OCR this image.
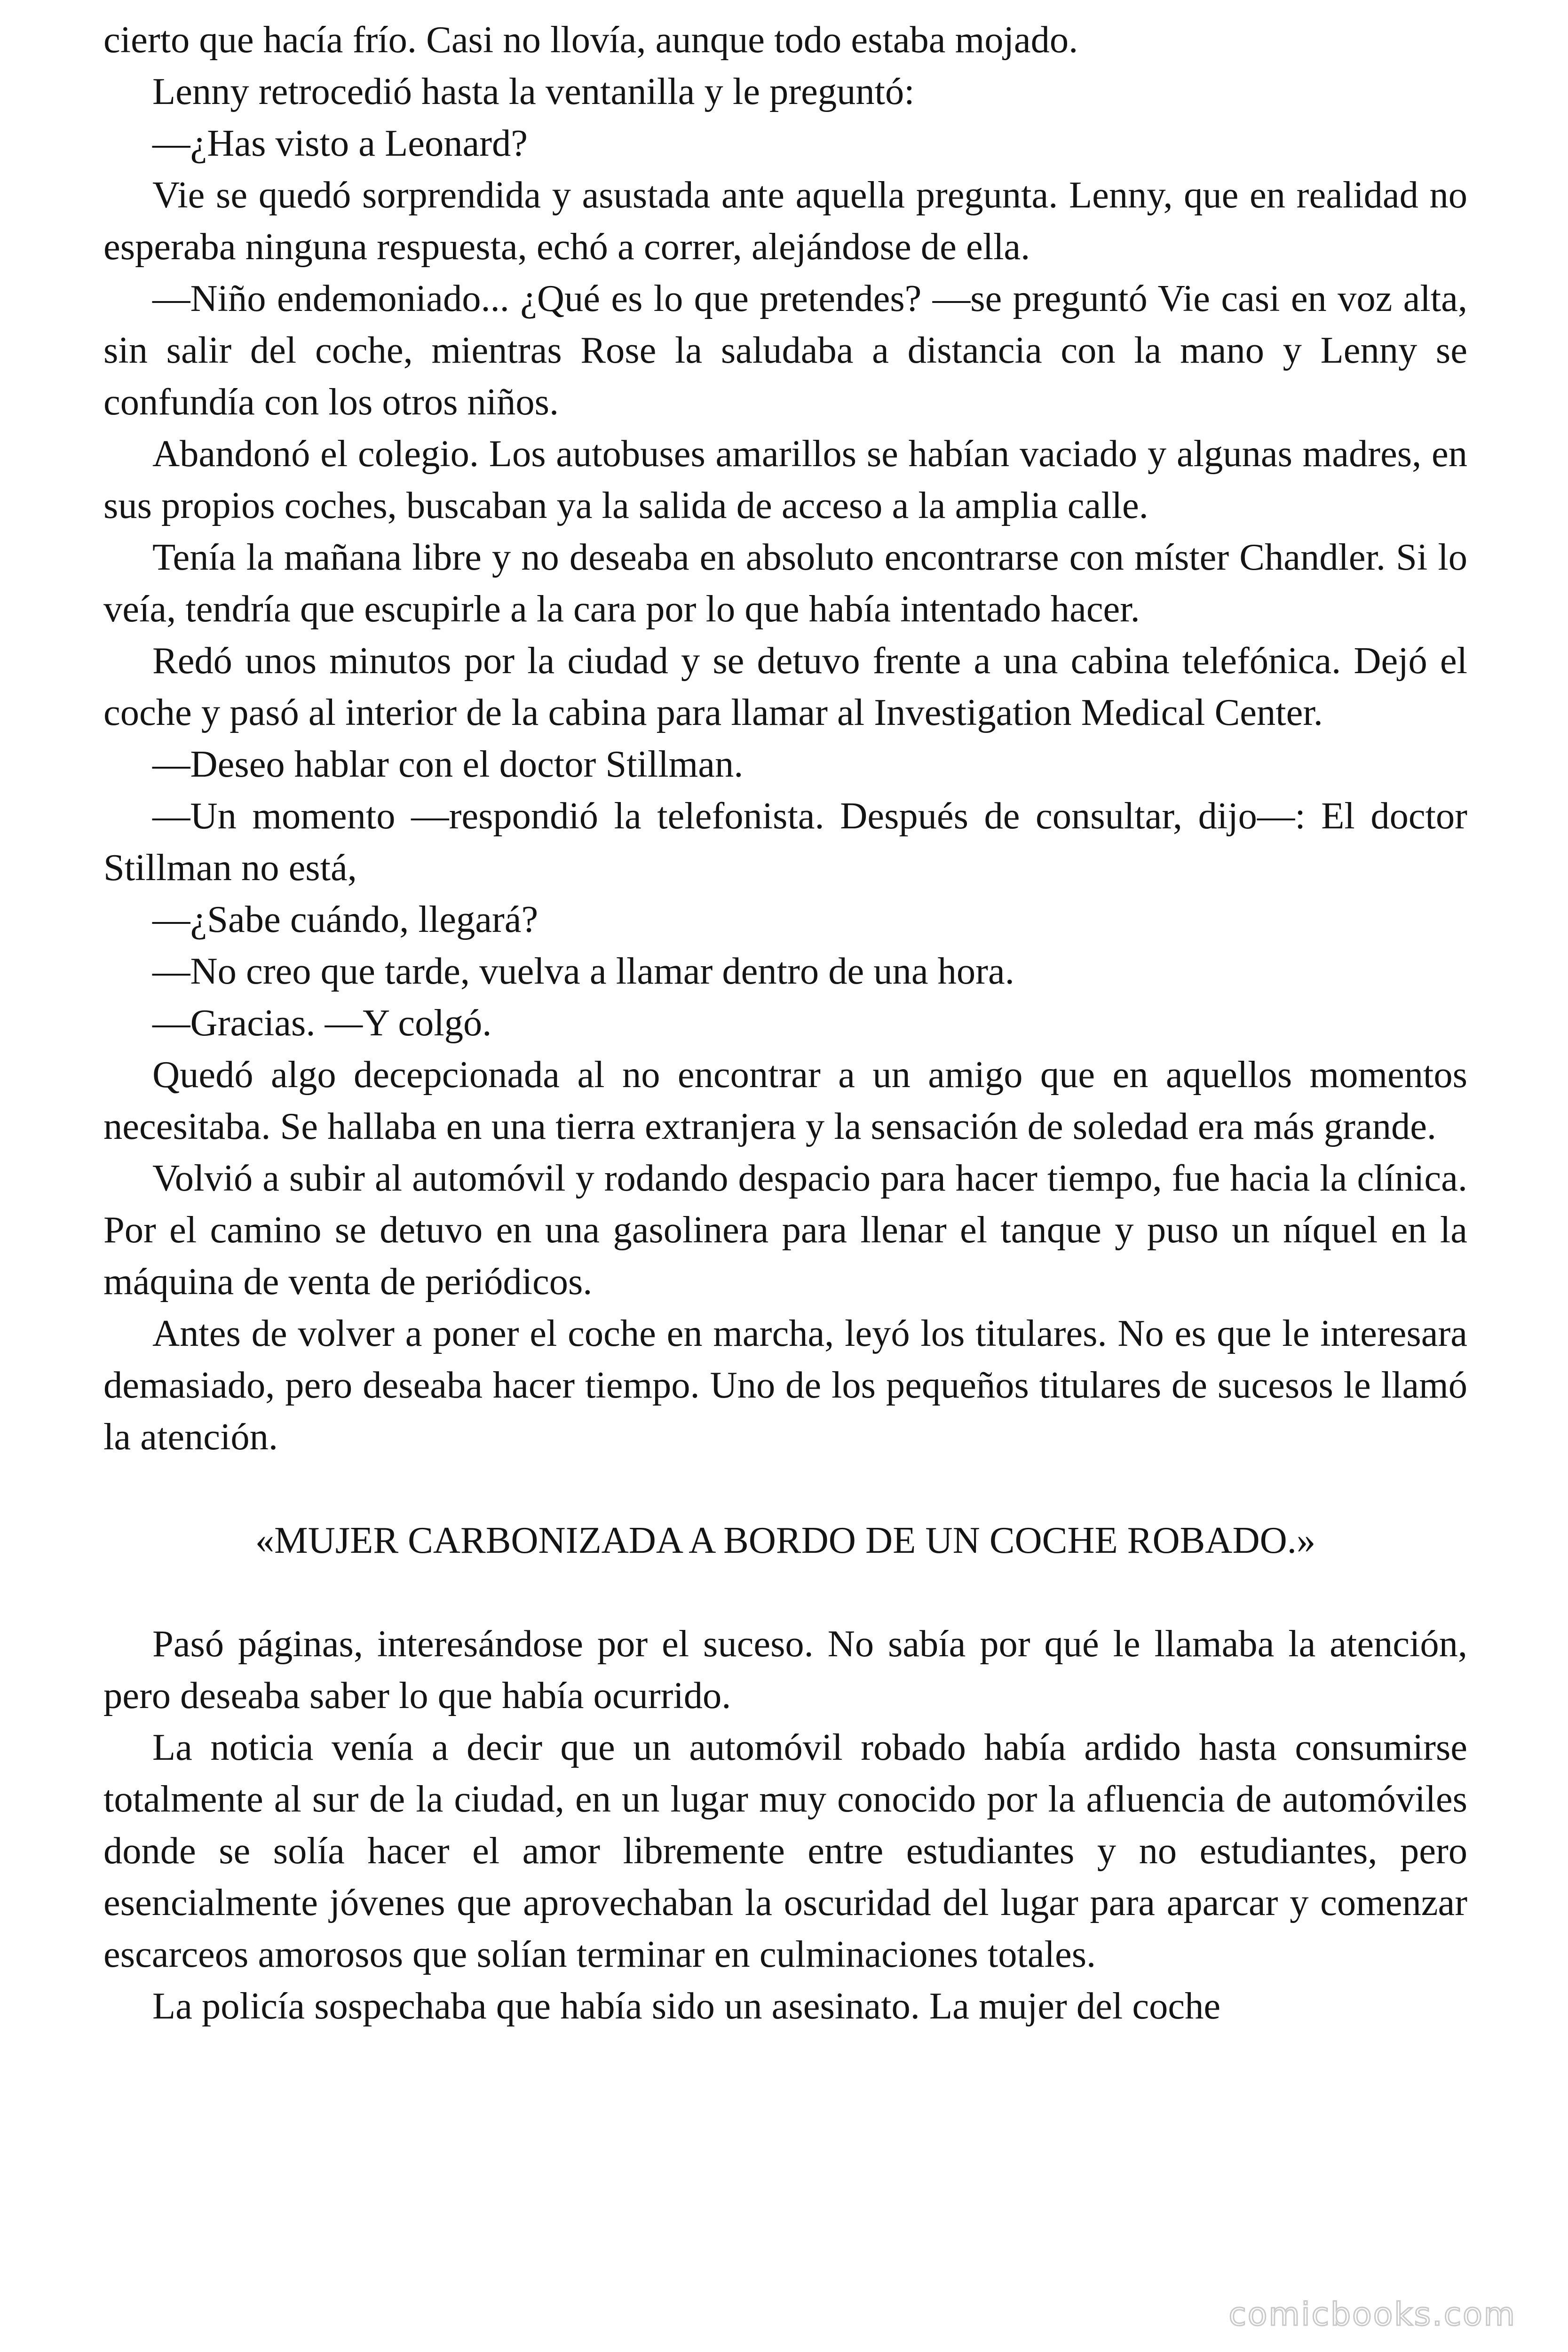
cierto que hacía frío. Casi no llovía, aunque todo estaba mojado.

Lenny retrocedió hasta la ventanilla y le preguntó:

—¿Has visto a Leonard?

Vie se quedó sorprendida y asustada ante aquella pregunta. Lenny, que en realidad no esperaba ninguna respuesta, echó a correr, alejándose de ella.

—Niño endemoniado... ¿Qué es lo que pretendes? —se preguntó Vie casi en voz alta, sin salir del coche, mientras Rose la saludaba a distancia con la mano y Lenny se confundía con los otros niños.

Abandonó el colegio. Los autobuses amarillos se habían vaciado y algunas madres, en sus propios coches, buscaban ya la salida de acceso a la amplia calle.

Tenía la mañana libre y no deseaba en absoluto encontrarse con míster Chandler. Si lo veía, tendría que escupirle a la cara por lo que había intentado hacer.

Redó unos minutos por la ciudad y se detuvo frente a una cabina telefónica. Dejó el coche y pasó al interior de la cabina para llamar al Investigation Medical Center.

—Deseo hablar con el doctor Stillman.

—Un momento —respondió la telefonista. Después de consultar, dijo—: El doctor Stillman no está,

—¿Sabe cuándo, llegará?

—No creo que tarde, vuelva a llamar dentro de una hora.

—Gracias. —Y colgó.

Quedó algo decepcionada al no encontrar a un amigo que en aquellos momentos necesitaba. Se hallaba en una tierra extranjera y la sensación de soledad era más grande.

Volvió a subir al automóvil y rodando despacio para hacer tiempo, fue hacia la clínica. Por el camino se detuvo en una gasolinera para llenar el tanque y puso un níquel en la máquina de venta de periódicos.

Antes de volver a poner el coche en marcha, leyó los titulares. No es que le interesara demasiado, pero deseaba hacer tiempo. Uno de los pequeños titulares de sucesos le llamó la atención.

«MUJER CARBONIZADA A BORDO DE UN COCHE ROBADO.»

Pasó páginas, interesándose por el suceso. No sabía por qué le llamaba la atención, pero deseaba saber lo que había ocurrido.

La noticia venía a decir que un automóvil robado había ardido hasta consumirse totalmente al sur de la ciudad, en un lugar muy conocido por la afluencia de automóviles donde se solía hacer el amor libremente entre estudiantes y no estudiantes, pero esencialmente jóvenes que aprovechaban la oscuridad del lugar para aparcar y comenzar escarceos amorosos que solían terminar en culminaciones totales.

La policía sospechaba que había sido un asesinato. La mujer del coche

comicbooks.com
